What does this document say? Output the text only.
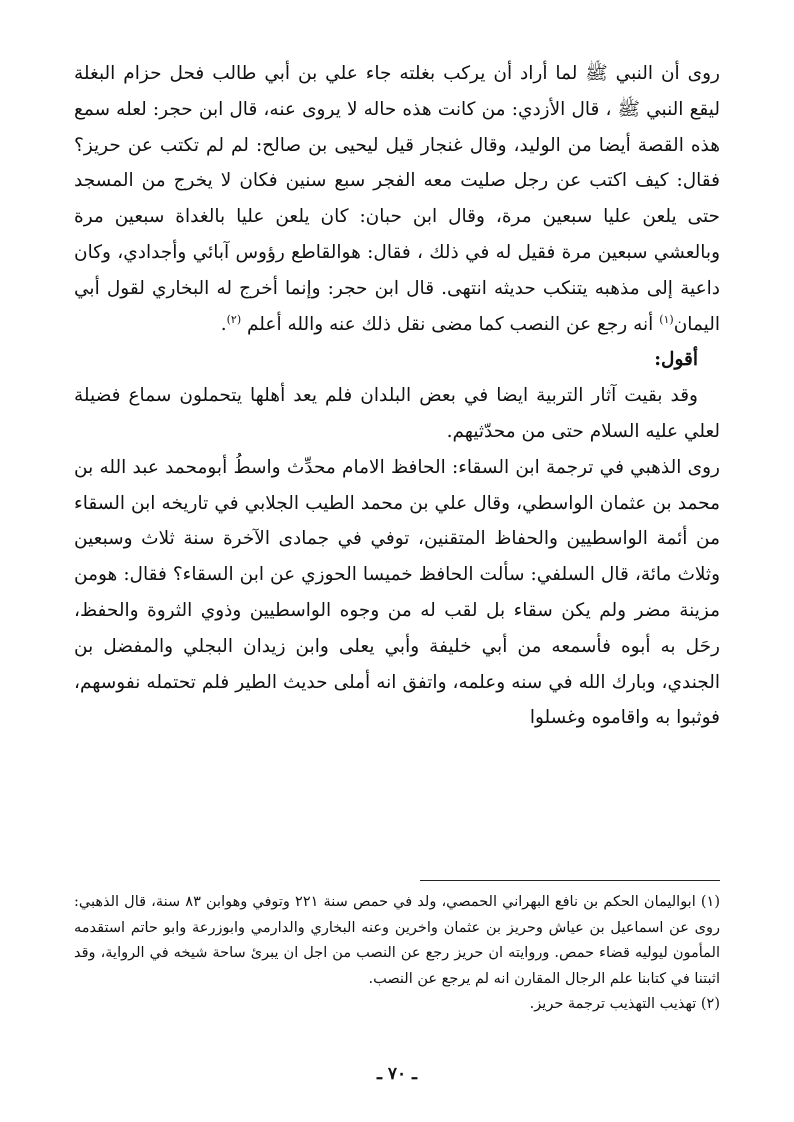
روى أن النبي ﷺ لما أراد أن يركب بغلته جاء علي بن أبي طالب فحل حزام البغلة ليقع النبي ﷺ ، قال الأزدي: من كانت هذه حاله لا يروى عنه، قال ابن حجر: لعله سمع هذه القصة أيضا من الوليد، وقال غنجار قيل ليحيى بن صالح: لم لم تكتب عن حريز؟ فقال: كيف اكتب عن رجل صليت معه الفجر سبع سنين فكان لا يخرج من المسجد حتى يلعن عليا سبعين مرة، وقال ابن حبان: كان يلعن عليا بالغداة سبعين مرة وبالعشي سبعين مرة فقيل له في ذلك ، فقال: هوالقاطع رؤوس آبائي وأجدادي، وكان داعية إلى مذهبه يتنكب حديثه انتهى. قال ابن حجر: وإنما أخرج له البخاري لقول أبي اليمان$^{(١)}$ أنه رجع عن النصب كما مضى نقل ذلك عنه والله أعلم $^{(٢)}$.

أقول:

وقد بقيت آثار التربية ايضا في بعض البلدان فلم يعد أهلها يتحملون سماع فضيلة لعلي عليه السلام حتى من محدّثيهم.

روى الذهبي في ترجمة ابن السقاء: الحافظ الامام محدِّث واسطُ أبومحمد عبد الله بن محمد بن عثمان الواسطي، وقال علي بن محمد الطيب الجلابي في تاريخه ابن السقاء من أئمة الواسطيين والحفاظ المتقنين، توفي في جمادى الآخرة سنة ثلاث وسبعين وثلاث مائة، قال السلفي: سألت الحافظ خميسا الحوزي عن ابن السقاء؟ فقال: هومن مزينة مضر ولم يكن سقاء بل لقب له من وجوه الواسطيين وذوي الثروة والحفظ، رحَل به أبوه فأسمعه من أبي خليفة وأبي يعلى وابن زيدان البجلي والمفضل بن الجندي، وبارك الله في سنه وعلمه، واتفق انه أملى حديث الطير فلم تحتمله نفوسهم، فوثبوا به واقاموه وغسلوا

(١) ابواليمان الحكم بن نافع البهراني الحمصي، ولد في حمص سنة ٢٢١ وتوفي وهوابن ٨٣ سنة، قال الذهبي: روى عن اسماعيل بن عياش وحريز بن عثمان واخرين وعنه البخاري والدارمي وابوزرعة وابو حاتم استقدمه المأمون ليوليه قضاء حمص. وروايته ان حريز رجع عن النصب من اجل ان يبرئ ساحة شيخه في الرواية، وقد اثبتنا في كتابنا علم الرجال المقارن انه لم يرجع عن النصب.

(٢) تهذيب التهذيب ترجمة حريز.

ـ ٧٠ ـ
